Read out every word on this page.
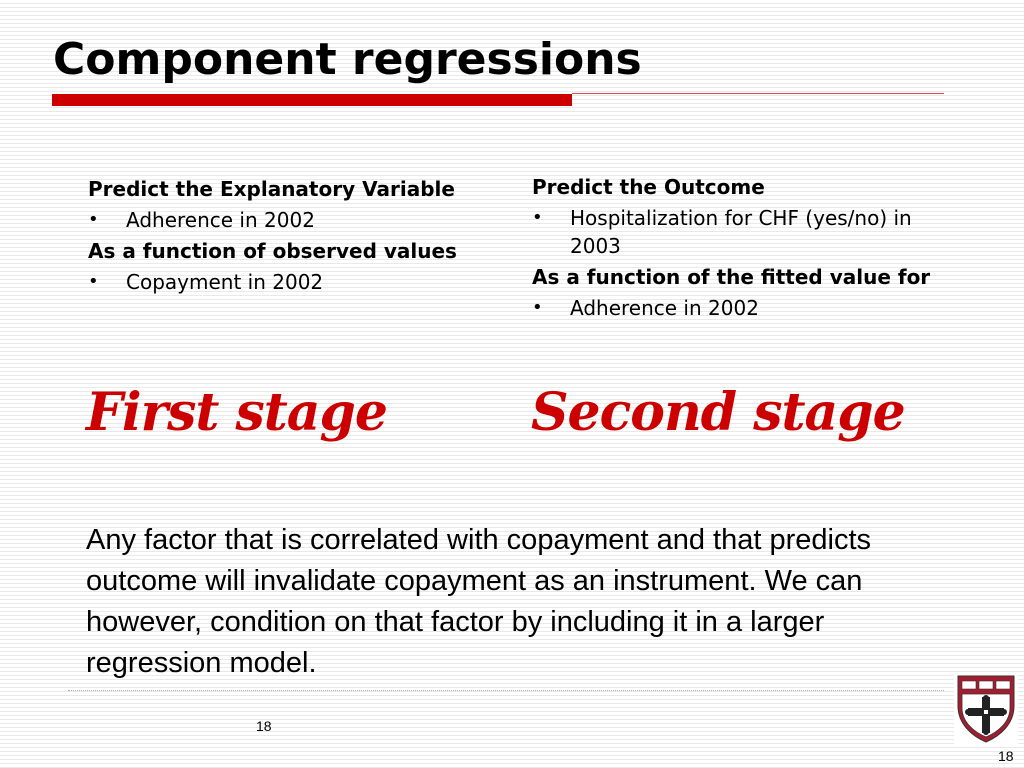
Component regressions

Predict the Explanatory Variable

• Adherence in 2002

As a function of observed values

• Copayment in 2002

Predict the Outcome

• Hospitalization for CHF (yes/no) in 2003

As a function of the fitted value for

• Adherence in 2002
First stage	Second stage

Any factor that is correlated with copayment and that predicts outcome will invalidate copayment as an instrument. We can however, condition on that factor by including it in a larger regression model.

18
18
